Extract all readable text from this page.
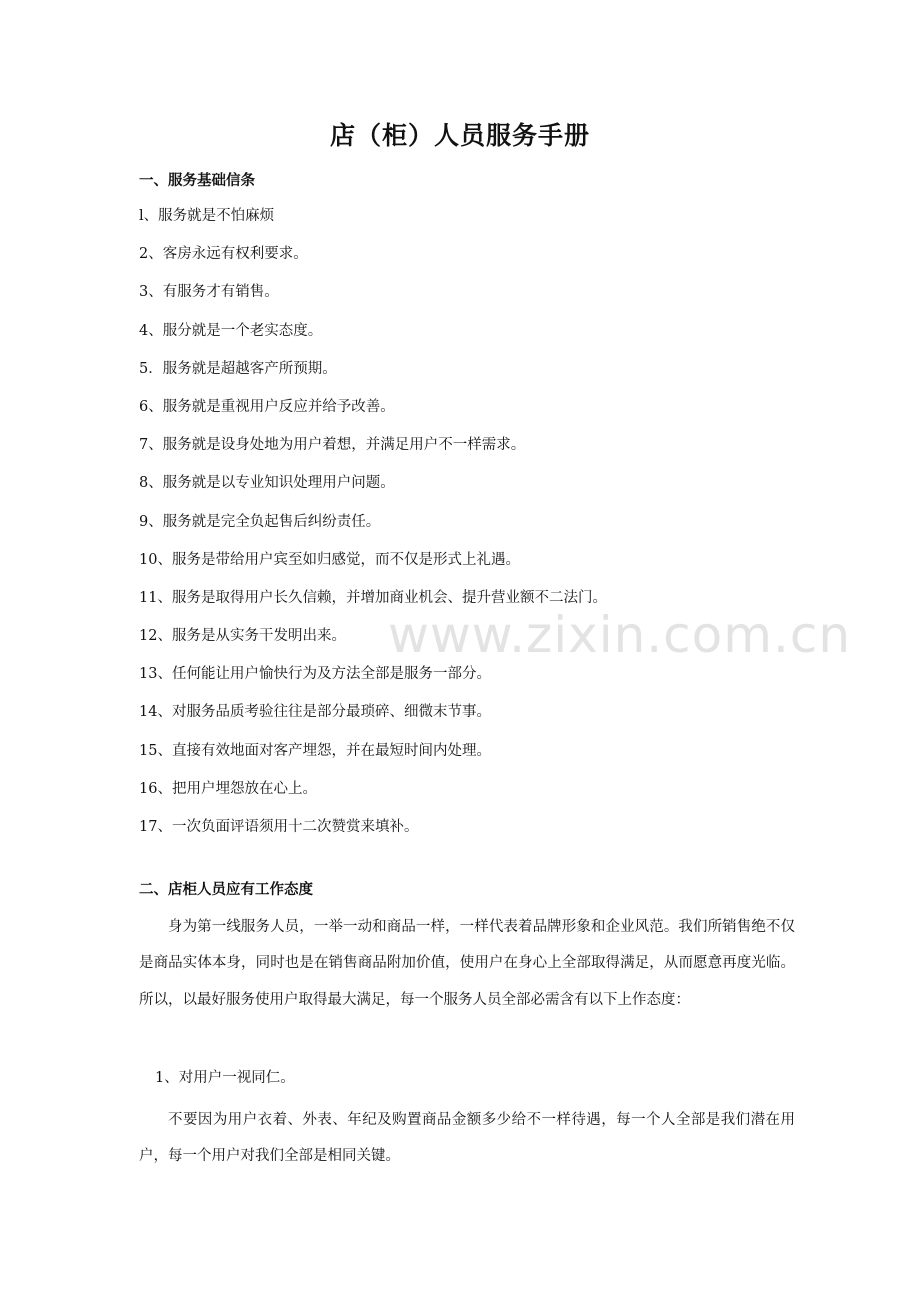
www.zixin.com.cn
店（柜）人员服务手册
一、服务基础信条
l、服务就是不怕麻烦
2、客房永远有权利要求。
3、有服务才有销售。
4、服分就是一个老实态度。
5．服务就是超越客产所预期。
6、服务就是重视用户反应并给予改善。
7、服务就是设身处地为用户着想，并满足用户不一样需求。
8、服务就是以专业知识处理用户问题。
9、服务就是完全负起售后纠纷责任。
10、服务是带给用户宾至如归感觉，而不仅是形式上礼遇。
11、服务是取得用户长久信赖，并增加商业机会、提升营业额不二法门。
12、服务是从实务干发明出来。
13、任何能让用户愉快行为及方法全部是服务一部分。
14、对服务品质考验往往是部分最琐碎、细微末节事。
15、直接有效地面对客产埋怨，并在最短时间内处理。
16、把用户埋怨放在心上。
17、一次负面评语须用十二次赞赏来填补。
二、店柜人员应有工作态度

身为第一线服务人员，一举一动和商品一样，一样代表着品牌形象和企业风范。我们所销售绝不仅是商品实体本身，同时也是在销售商品附加价值，使用户在身心上全部取得满足，从而愿意再度光临。所以，以最好服务使用户取得最大满足，每一个服务人员全部必需含有以下上作态度：

1、对用户一视同仁。

不要因为用户衣着、外表、年纪及购置商品金额多少给不一样待遇，每一个人全部是我们潜在用户，每一个用户对我们全部是相同关键。
